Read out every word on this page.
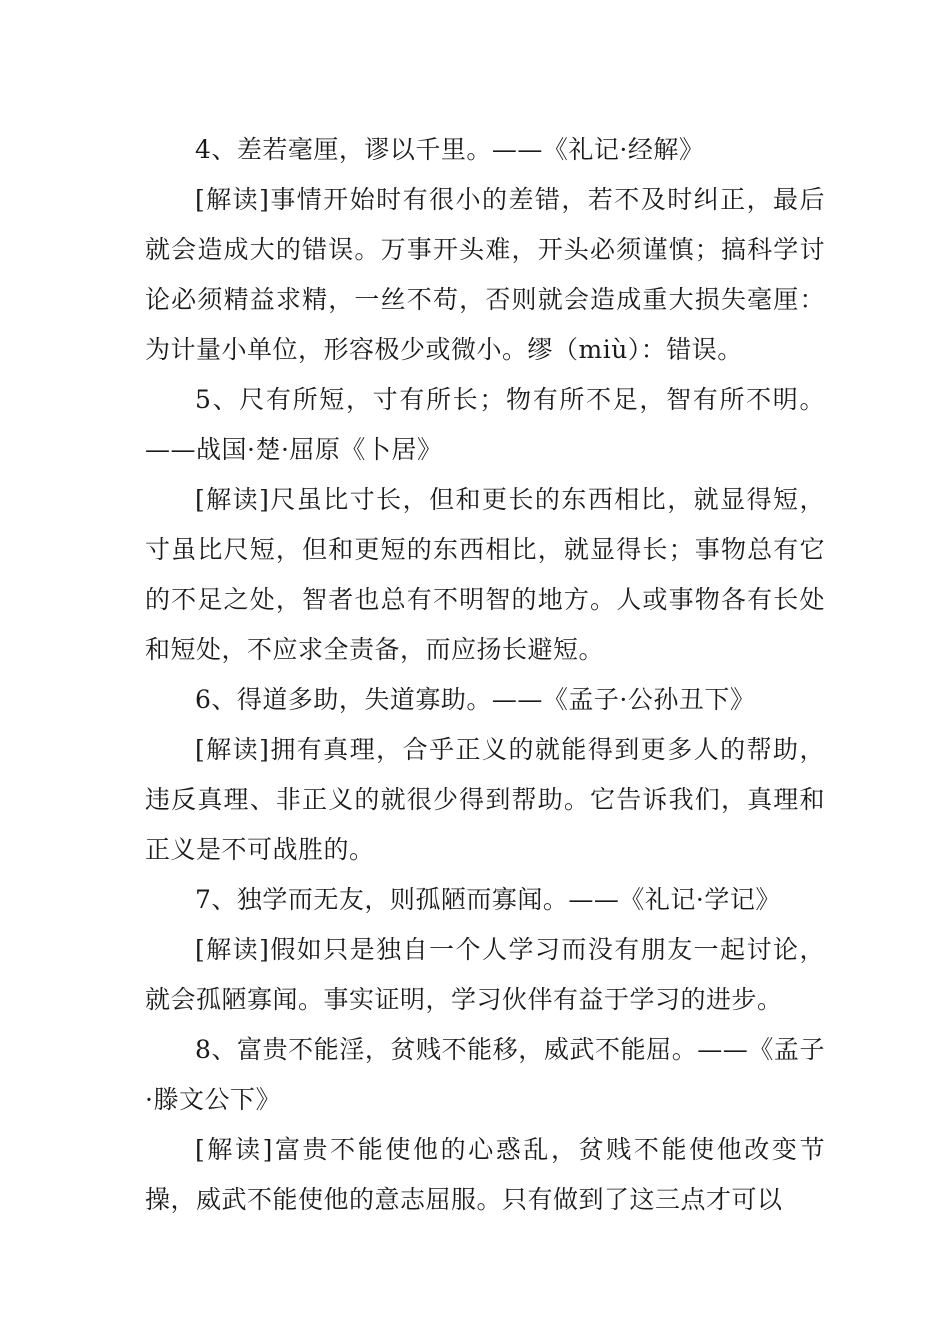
4、差若毫厘，谬以千里。——《礼记·经解》

[解读]事情开始时有很小的差错，若不及时纠正，最后就会造成大的错误。万事开头难，开头必须谨慎；搞科学讨论必须精益求精，一丝不苟，否则就会造成重大损失毫厘：为计量小单位，形容极少或微小。缪（miù）：错误。

5、尺有所短，寸有所长；物有所不足，智有所不明。——战国·楚·屈原《卜居》

[解读]尺虽比寸长，但和更长的东西相比，就显得短，寸虽比尺短，但和更短的东西相比，就显得长；事物总有它的不足之处，智者也总有不明智的地方。人或事物各有长处和短处，不应求全责备，而应扬长避短。

6、得道多助，失道寡助。——《孟子·公孙丑下》

[解读]拥有真理，合乎正义的就能得到更多人的帮助，违反真理、非正义的就很少得到帮助。它告诉我们，真理和正义是不可战胜的。

7、独学而无友，则孤陋而寡闻。——《礼记·学记》

[解读]假如只是独自一个人学习而没有朋友一起讨论，就会孤陋寡闻。事实证明，学习伙伴有益于学习的进步。

8、富贵不能淫，贫贱不能移，威武不能屈。——《孟子·滕文公下》

[解读]富贵不能使他的心惑乱，贫贱不能使他改变节操，威武不能使他的意志屈服。只有做到了这三点才可以
